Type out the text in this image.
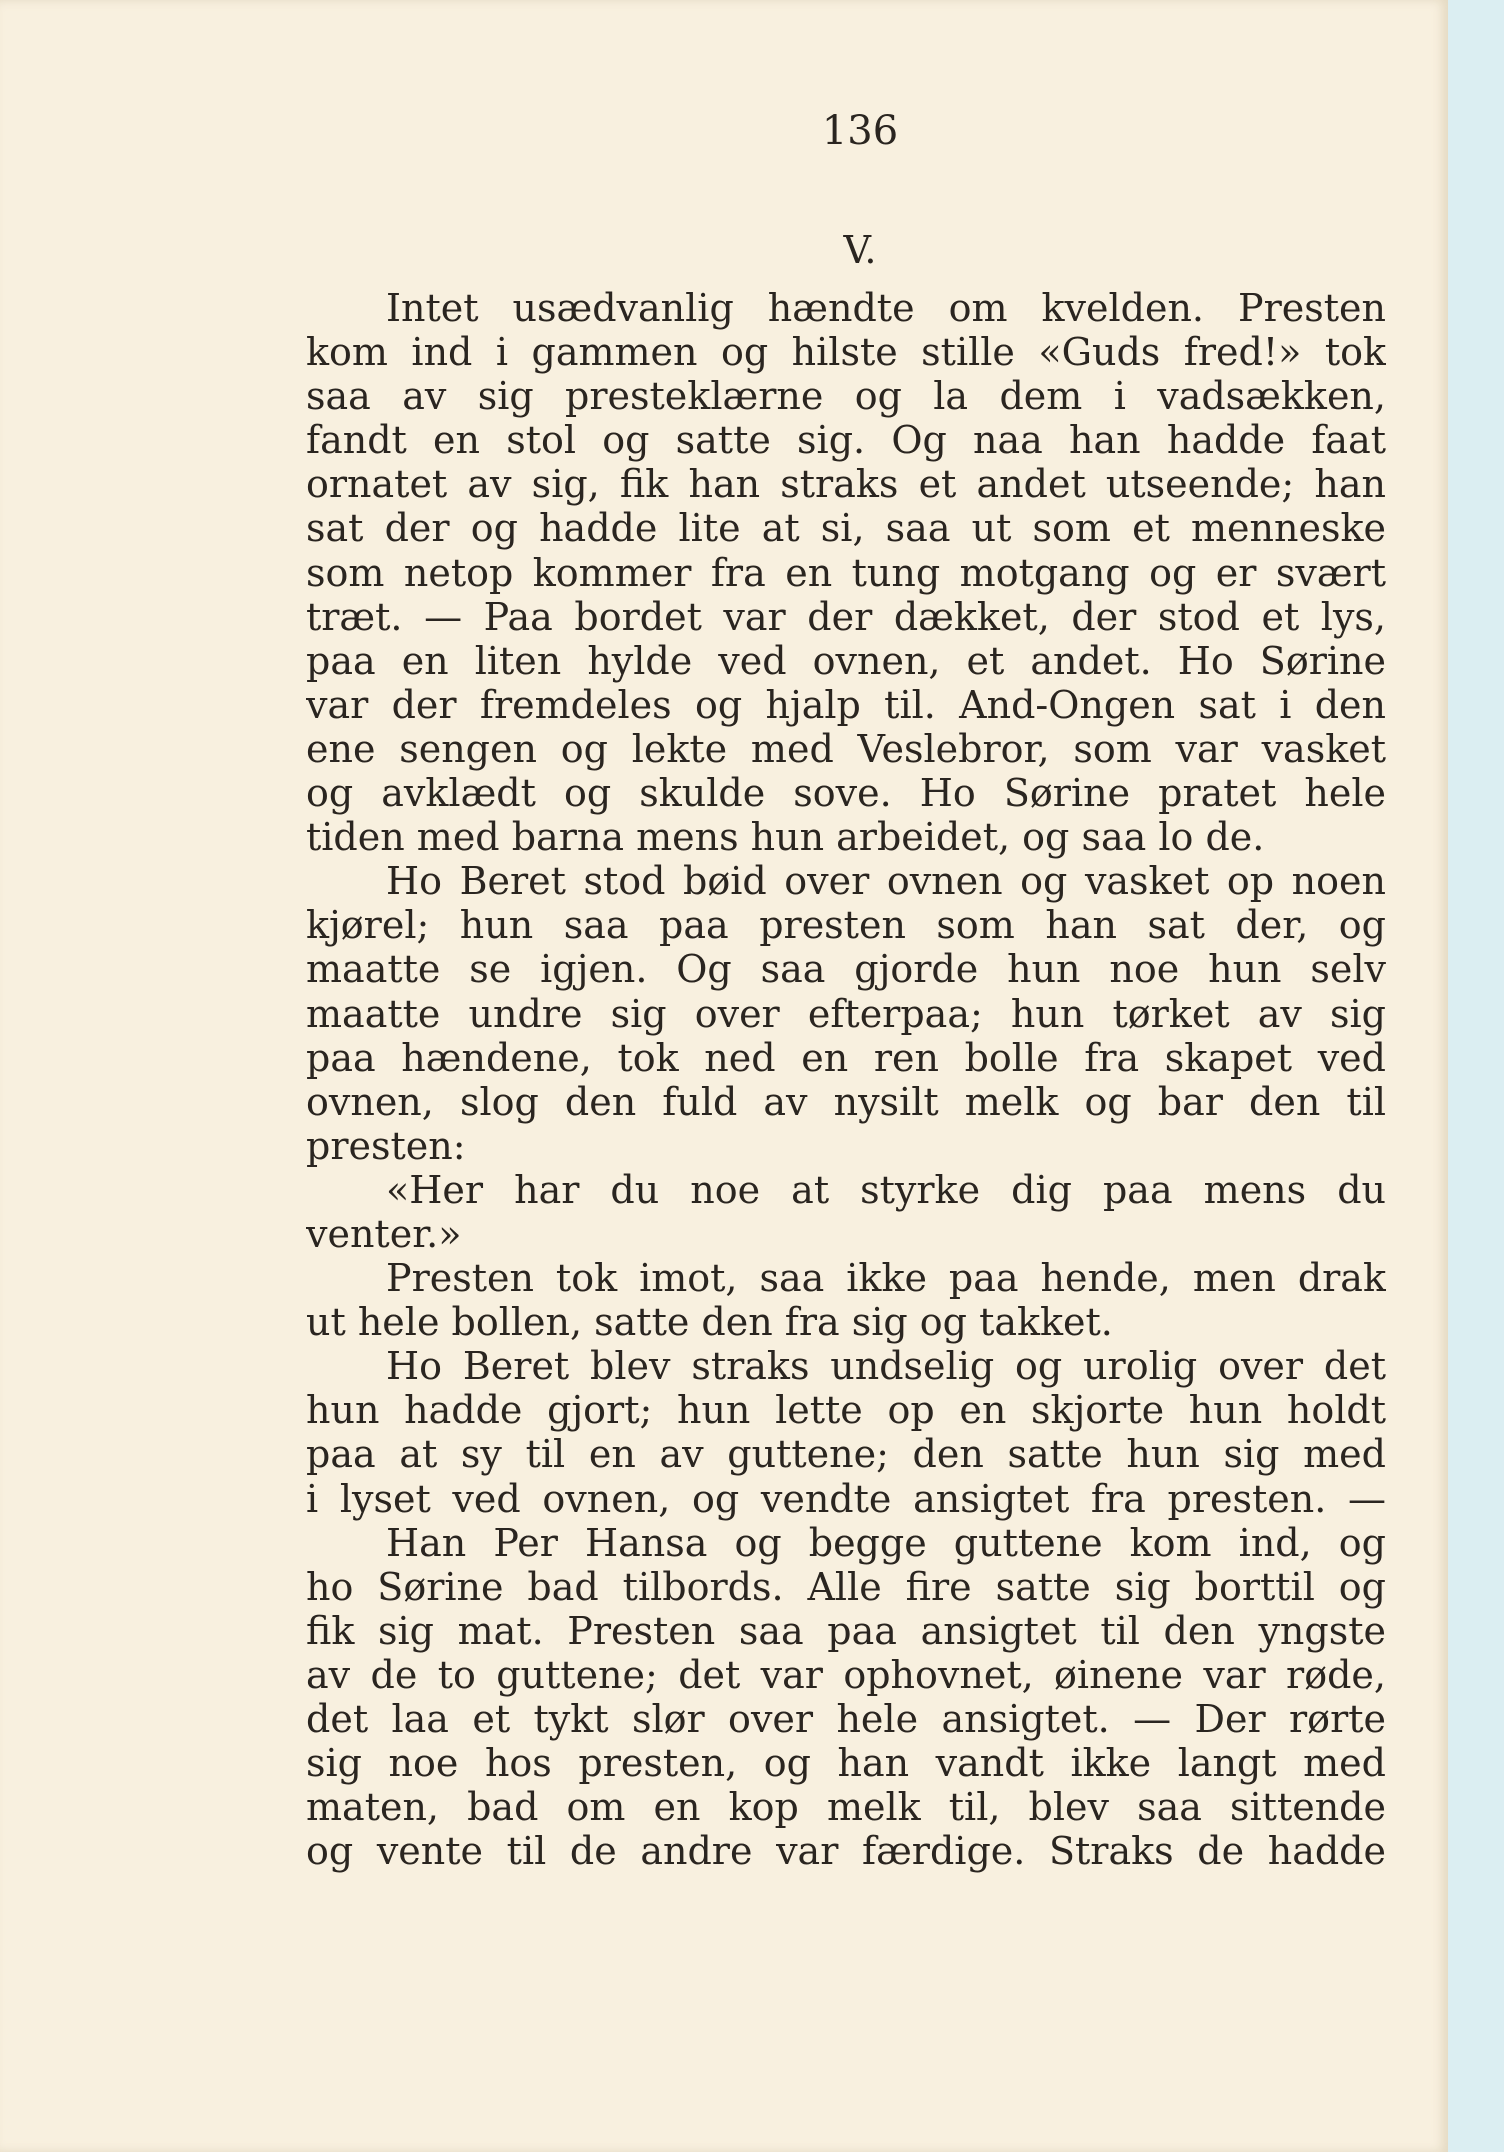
136
V.
Intet usædvanlig hændte om kvelden. Presten
kom ind i gammen og hilste stille «Guds fred!» tok
saa av sig presteklærne og la dem i vadsækken,
fandt en stol og satte sig. Og naa han hadde faat
ornatet av sig, fik han straks et andet utseende; han
sat der og hadde lite at si, saa ut som et menneske
som netop kommer fra en tung motgang og er svært
træt. — Paa bordet var der dækket, der stod et lys,
paa en liten hylde ved ovnen, et andet. Ho Sørine
var der fremdeles og hjalp til. And-Ongen sat i den
ene sengen og lekte med Veslebror, som var vasket
og avklædt og skulde sove. Ho Sørine pratet hele
tiden med barna mens hun arbeidet, og saa lo de.
Ho Beret stod bøid over ovnen og vasket op noen
kjørel; hun saa paa presten som han sat der, og
maatte se igjen. Og saa gjorde hun noe hun selv
maatte undre sig over efterpaa; hun tørket av sig
paa hændene, tok ned en ren bolle fra skapet ved
ovnen, slog den fuld av nysilt melk og bar den til
presten:
«Her har du noe at styrke dig paa mens du
venter.»
Presten tok imot, saa ikke paa hende, men drak
ut hele bollen, satte den fra sig og takket.
Ho Beret blev straks undselig og urolig over det
hun hadde gjort; hun lette op en skjorte hun holdt
paa at sy til en av guttene; den satte hun sig med
i lyset ved ovnen, og vendte ansigtet fra presten. —
Han Per Hansa og begge guttene kom ind, og
ho Sørine bad tilbords. Alle fire satte sig borttil og
fik sig mat. Presten saa paa ansigtet til den yngste
av de to guttene; det var ophovnet, øinene var røde,
det laa et tykt slør over hele ansigtet. — Der rørte
sig noe hos presten, og han vandt ikke langt med
maten, bad om en kop melk til, blev saa sittende
og vente til de andre var færdige. Straks de hadde
